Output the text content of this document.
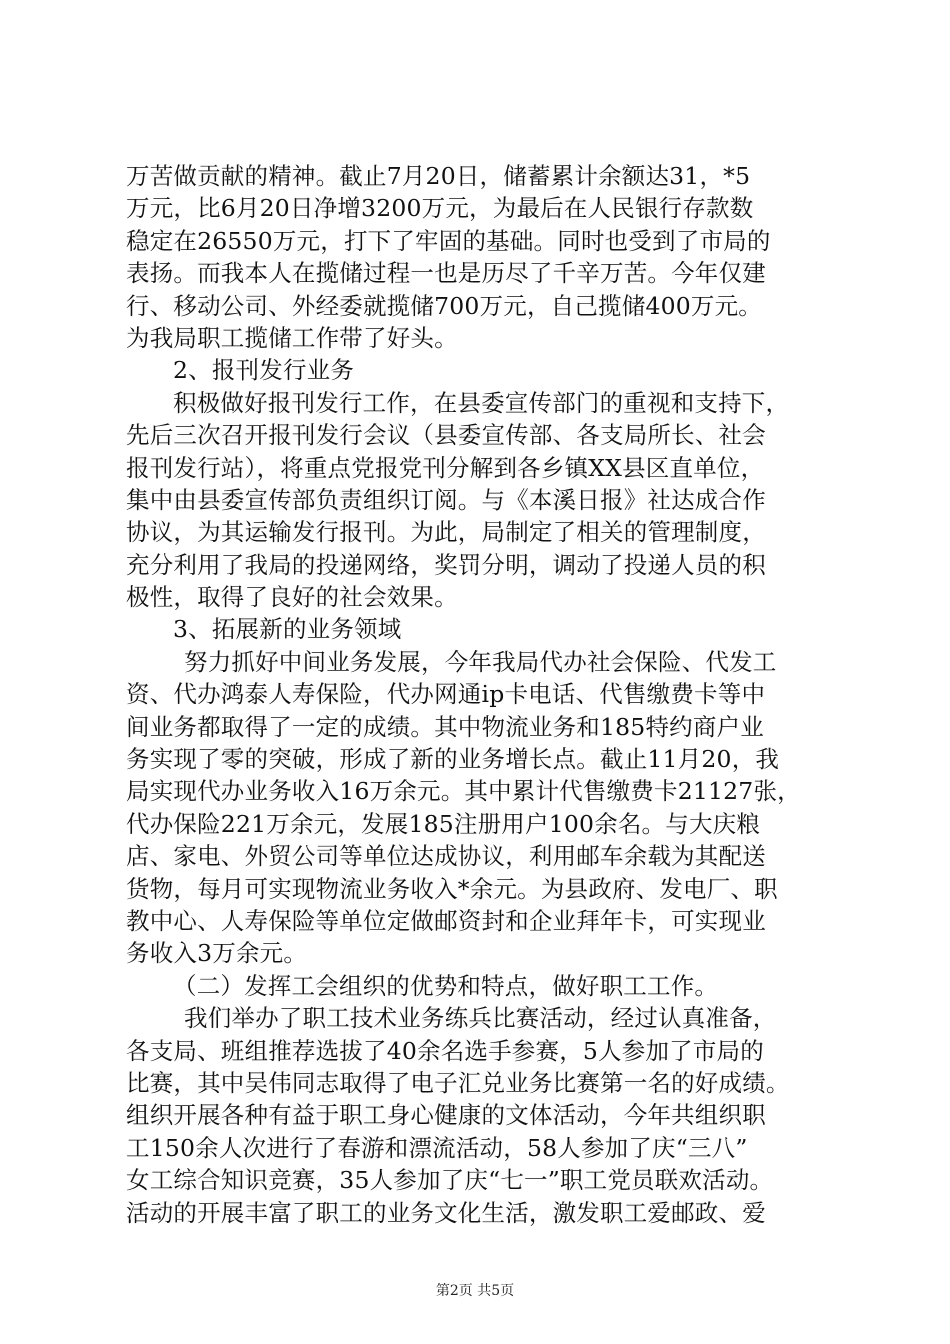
万苦做贡献的精神。截止7月20日，储蓄累计余额达31，*5
万元，比6月20日净增3200万元，为最后在人民银行存款数
稳定在26550万元，打下了牢固的基础。同时也受到了市局的
表扬。而我本人在揽储过程一也是历尽了千辛万苦。今年仅建
行、移动公司、外经委就揽储700万元，自己揽储400万元。
为我局职工揽储工作带了好头。
2、报刊发行业务
积极做好报刊发行工作，在县委宣传部门的重视和支持下，
先后三次召开报刊发行会议（县委宣传部、各支局所长、社会
报刊发行站），将重点党报党刊分解到各乡镇XX县区直单位，
集中由县委宣传部负责组织订阅。与《本溪日报》社达成合作
协议，为其运输发行报刊。为此，局制定了相关的管理制度，
充分利用了我局的投递网络，奖罚分明，调动了投递人员的积
极性，取得了良好的社会效果。
3、拓展新的业务领域
努力抓好中间业务发展，今年我局代办社会保险、代发工
资、代办鸿泰人寿保险，代办网通ip卡电话、代售缴费卡等中
间业务都取得了一定的成绩。其中物流业务和185特约商户业
务实现了零的突破，形成了新的业务增长点。截止11月20，我
局实现代办业务收入16万余元。其中累计代售缴费卡21127张，
代办保险221万余元，发展185注册用户100余名。与大庆粮
店、家电、外贸公司等单位达成协议，利用邮车余载为其配送
货物，每月可实现物流业务收入*余元。为县政府、发电厂、职
教中心、人寿保险等单位定做邮资封和企业拜年卡，可实现业
务收入3万余元。
（二）发挥工会组织的优势和特点，做好职工工作。
我们举办了职工技术业务练兵比赛活动，经过认真准备，
各支局、班组推荐选拔了40余名选手参赛，5人参加了市局的
比赛，其中吴伟同志取得了电子汇兑业务比赛第一名的好成绩。
组织开展各种有益于职工身心健康的文体活动，今年共组织职
工150余人次进行了春游和漂流活动，58人参加了庆“三八”
女工综合知识竞赛，35人参加了庆“七一”职工党员联欢活动。
活动的开展丰富了职工的业务文化生活，激发职工爱邮政、爱
第2页 共5页
